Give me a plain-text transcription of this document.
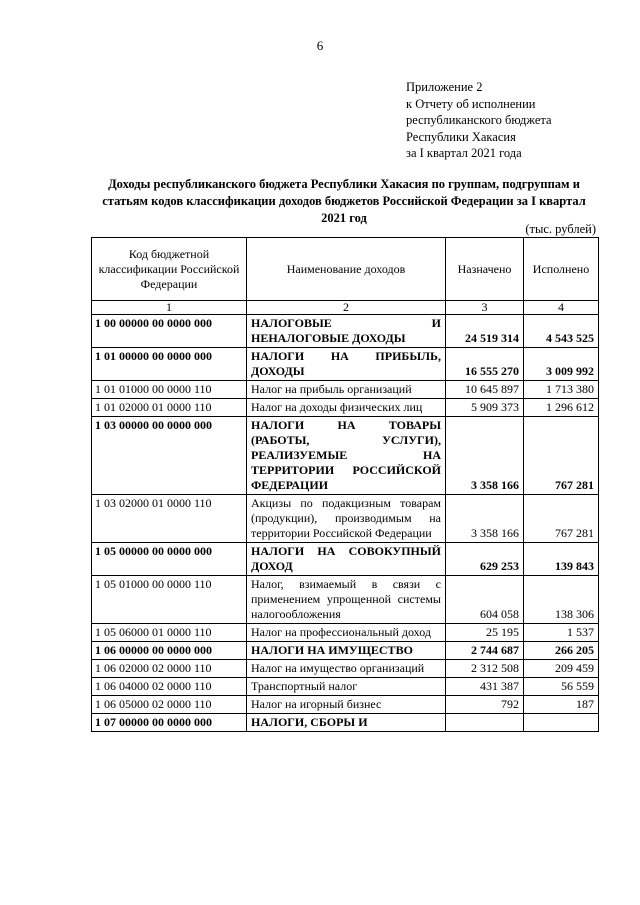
6
Приложение 2
к Отчету об исполнении
республиканского бюджета
Республики Хакасия
за I квартал 2021 года
Доходы республиканского бюджета Республики Хакасия по группам, подгруппам и статьям кодов классификации доходов бюджетов Российской Федерации за I квартал 2021 год
(тыс. рублей)
Код бюджетной классификации Российской Федерации	Наименование доходов	Назначено	Исполнено
1	2	3	4
1 00 00000 00 0000 000	НАЛОГОВЫЕ И НЕНАЛОГОВЫЕ ДОХОДЫ	24 519 314	4 543 525
1 01 00000 00 0000 000	НАЛОГИ НА ПРИБЫЛЬ, ДОХОДЫ	16 555 270	3 009 992
1 01 01000 00 0000 110	Налог на прибыль организаций	10 645 897	1 713 380
1 01 02000 01 0000 110	Налог на доходы физических лиц	5 909 373	1 296 612
1 03 00000 00 0000 000	НАЛОГИ НА ТОВАРЫ (РАБОТЫ, УСЛУГИ), РЕАЛИЗУЕМЫЕ НА ТЕРРИТОРИИ РОССИЙСКОЙ ФЕДЕРАЦИИ	3 358 166	767 281
1 03 02000 01 0000 110	Акцизы по подакцизным товарам (продукции), производимым на территории Российской Федерации	3 358 166	767 281
1 05 00000 00 0000 000	НАЛОГИ НА СОВОКУПНЫЙ ДОХОД	629 253	139 843
1 05 01000 00 0000 110	Налог, взимаемый в связи с применением упрощенной системы налогообложения	604 058	138 306
1 05 06000 01 0000 110	Налог на профессиональный доход	25 195	1 537
1 06 00000 00 0000 000	НАЛОГИ НА ИМУЩЕСТВО	2 744 687	266 205
1 06 02000 02 0000 110	Налог на имущество организаций	2 312 508	209 459
1 06 04000 02 0000 110	Транспортный налог	431 387	56 559
1 06 05000 02 0000 110	Налог на игорный бизнес	792	187
1 07 00000 00 0000 000	НАЛОГИ, СБОРЫ И		
